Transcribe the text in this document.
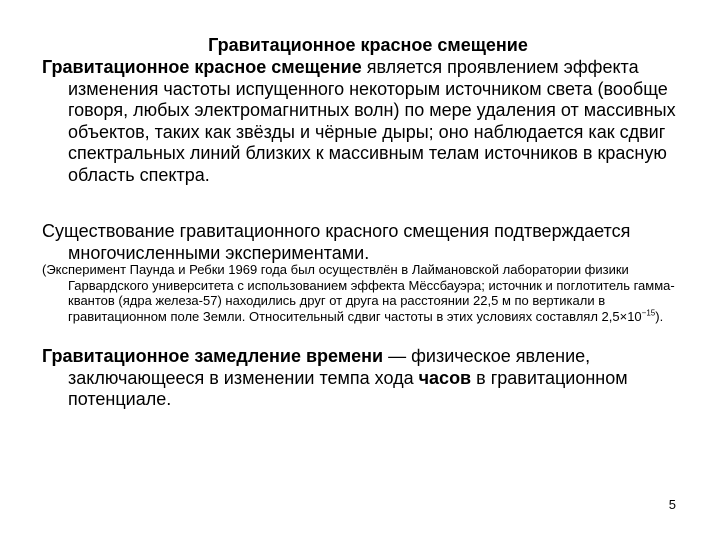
Гравитационное красное смещение
Гравитационное красное смещение является проявлением эффекта изменения частоты испущенного некоторым источником света (вообще говоря, любых электромагнитных волн) по мере удаления от массивных объектов, таких как звёзды и чёрные дыры; оно наблюдается как сдвиг спектральных линий близких к массивным телам источников в красную область спектра.
Существование гравитационного красного смещения подтверждается многочисленными экспериментами.
(Эксперимент Паунда и Ребки 1969 года был осуществлён в Лаймановской лаборатории физики Гарвардского университета с использованием эффекта Мёссбауэра; источник и поглотитель гамма-квантов (ядра железа-57) находились друг от друга на расстоянии 22,5 м по вертикали в гравитационном поле Земли. Относительный сдвиг частоты в этих условиях составлял $2,5\times 10^{-15}$).
Гравитационное замедление времени — физическое явление, заключающееся в изменении темпа хода часов в гравитационном потенциале.
5
